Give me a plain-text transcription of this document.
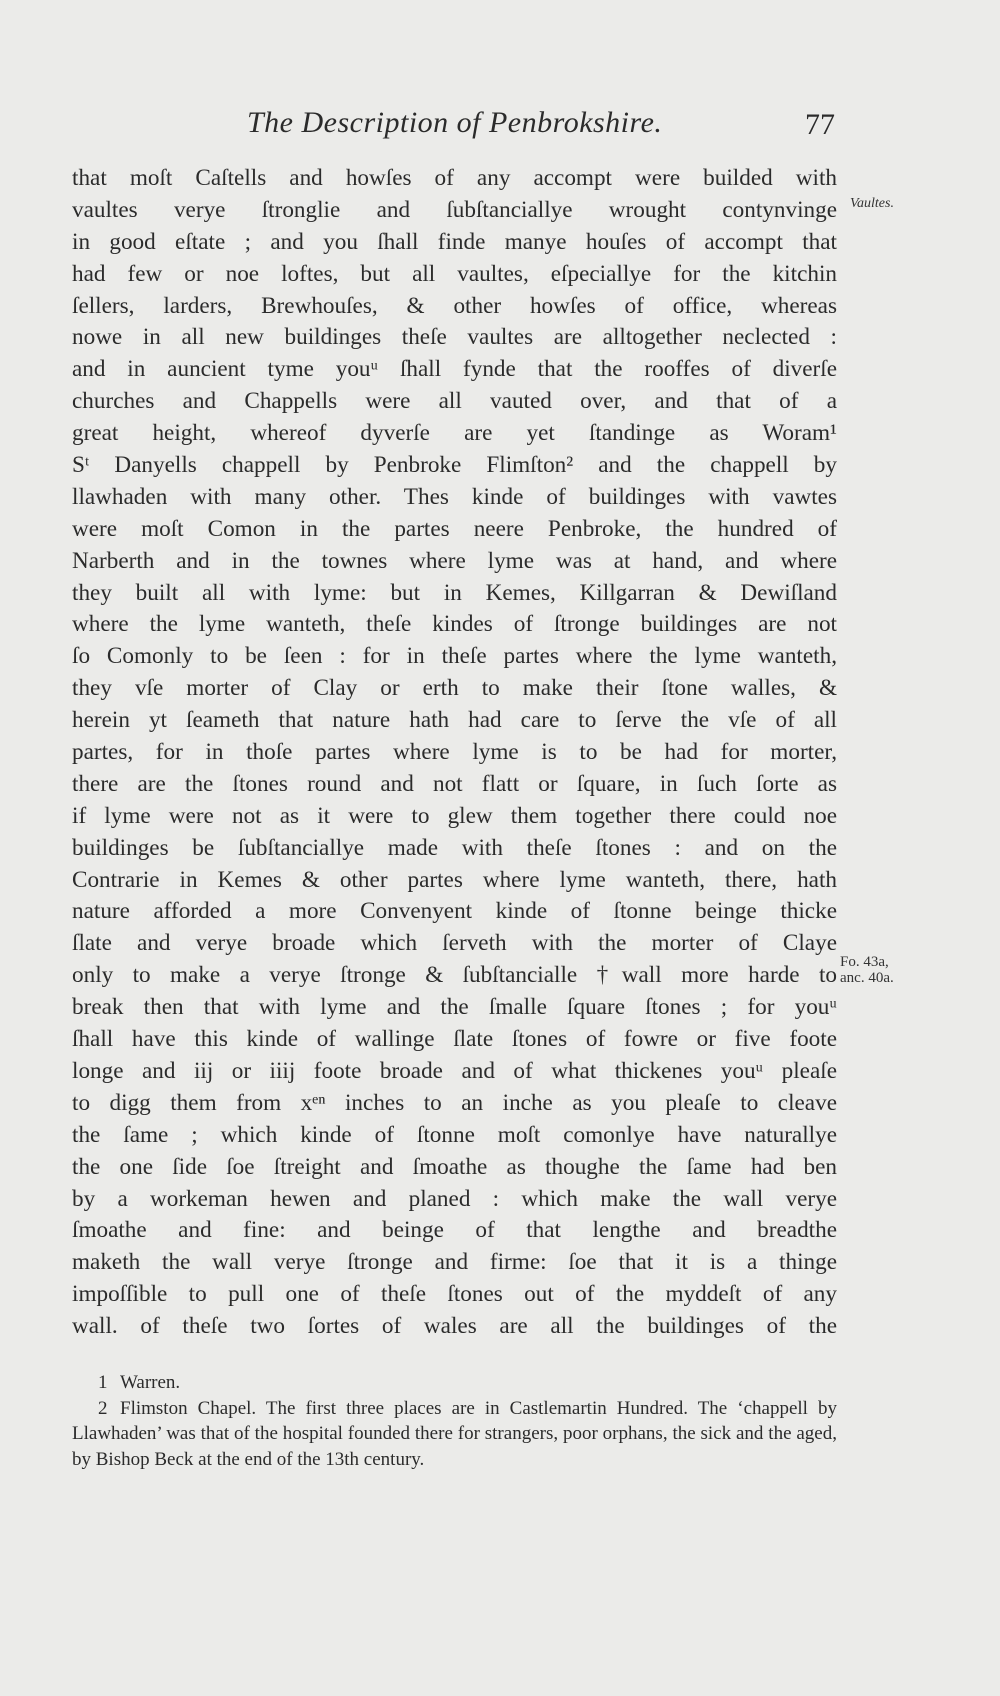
The Description of Penbrokshire.	77
that moſt Caſtells and howſes of any accompt were builded with
vaultes verye ſtronglie and ſubſtanciallye wrought contynvinge
in good eſtate ; and you ſhall finde manye houſes of accompt that
had few or noe loftes, but all vaultes, eſpeciallye for the kitchin
ſellers, larders, Brewhouſes, & other howſes of office, whereas
nowe in all new buildinges theſe vaultes are alltogether neclected :
and in auncient tyme youᵘ ſhall fynde that the rooffes of diverſe
churches and Chappells were all vauted over, and that of a
great height, whereof dyverſe are yet ſtandinge as Woram¹
Sᵗ Danyells chappell by Penbroke Flimſton² and the chappell by
llawhaden with many other. Thes kinde of buildinges with vawtes
were moſt Comon in the partes neere Penbroke, the hundred of
Narberth and in the townes where lyme was at hand, and where
they built all with lyme: but in Kemes, Killgarran & Dewiſland
where the lyme wanteth, theſe kindes of ſtronge buildinges are not
ſo Comonly to be ſeen : for in theſe partes where the lyme wanteth,
they vſe morter of Clay or erth to make their ſtone walles, &
herein yt ſeameth that nature hath had care to ſerve the vſe of all
partes, for in thoſe partes where lyme is to be had for morter,
there are the ſtones round and not flatt or ſquare, in ſuch ſorte as
if lyme were not as it were to glew them together there could noe
buildinges be ſubſtanciallye made with theſe ſtones : and on the
Contrarie in Kemes & other partes where lyme wanteth, there, hath
nature afforded a more Convenyent kinde of ſtonne beinge thicke
ſlate and verye broade which ſerveth with the morter of Claye
only to make a verye ſtronge & ſubſtancialle †wall more harde to
break then that with lyme and the ſmalle ſquare ſtones ; for youᵘ
ſhall have this kinde of wallinge ſlate ſtones of fowre or five foote
longe and iij or iiij foote broade and of what thickenes youᵘ pleaſe
to digg them from xᵉⁿ inches to an inche as you pleaſe to cleave
the ſame ; which kinde of ſtonne moſt comonlye have naturallye
the one ſide ſoe ſtreight and ſmoathe as thoughe the ſame had ben
by a workeman hewen and planed : which make the wall verye
ſmoathe and fine: and beinge of that lengthe and breadthe
maketh the wall verye ſtronge and firme: ſoe that it is a thinge
impoſſible to pull one of theſe ſtones out of the myddeſt of any
wall. of theſe two ſortes of wales are all the buildinges of the
Vaultes.
Fo. 43a,
anc. 40a.
1 Warren.
2 Flimston Chapel. The first three places are in Castlemartin Hundred. The ‘chappell by Llawhaden’ was that of the hospital founded there for strangers, poor orphans, the sick and the aged, by Bishop Beck at the end of the 13th century.
